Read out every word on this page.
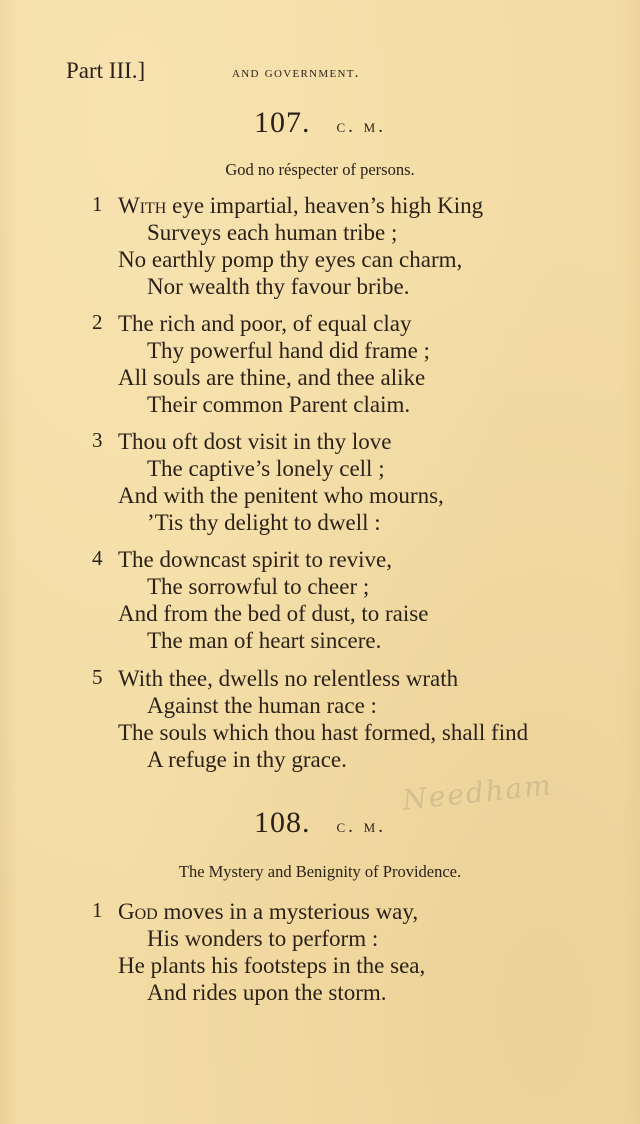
Part III.]	and government.
107. c. m.
God no réspecter of persons.
1 With eye impartial, heaven’s high King
Surveys each human tribe ;
No earthly pomp thy eyes can charm,
Nor wealth thy favour bribe.
2 The rich and poor, of equal clay
Thy powerful hand did frame ;
All souls are thine, and thee alike
Their common Parent claim.
3 Thou oft dost visit in thy love
The captive’s lonely cell ;
And with the penitent who mourns,
’Tis thy delight to dwell :
4 The downcast spirit to revive,
The sorrowful to cheer ;
And from the bed of dust, to raise
The man of heart sincere.
5 With thee, dwells no relentless wrath
Against the human race :
The souls which thou hast formed, shall find
A refuge in thy grace.
Needham
108. c. m.
The Mystery and Benignity of Providence.
1 God moves in a mysterious way,
His wonders to perform :
He plants his footsteps in the sea,
And rides upon the storm.
